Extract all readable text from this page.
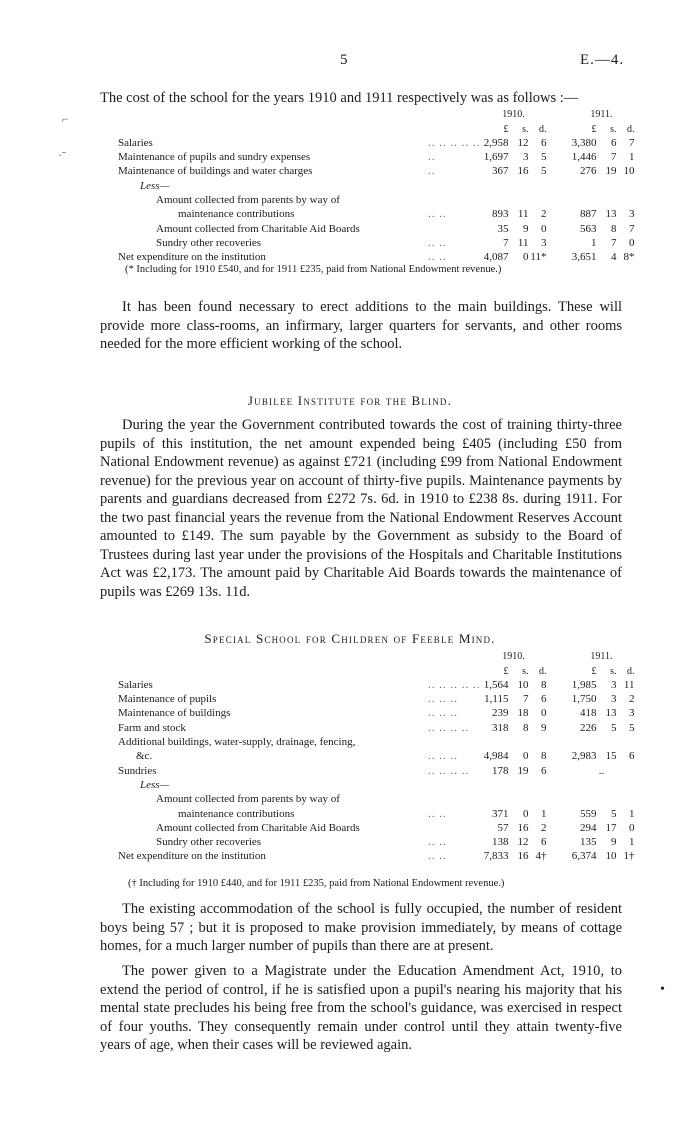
5	E.—4.
⌐
·ˉ
•
The cost of the school for the years 1910 and 1911 respectively was as follows :—
		1910.				1911.		
		£	s.	d.		£	s.	d.
Salaries	.. .. .. .. ..	2,958	12	6		3,380	6	7
Maintenance of pupils and sundry expenses	..	1,697	3	5		1,446	7	1
Maintenance of buildings and water charges	..	367	16	5		276	19	10
Less—								
Amount collected from parents by way of								
maintenance contributions	.. ..	893	11	2		887	13	3
Amount collected from Charitable Aid Boards		35	9	0		563	8	7
Sundry other recoveries	.. ..	7	11	3		1	7	0
Net expenditure on the institution	.. ..	4,087	0	11*		3,651	4	8*
(* Including for 1910 £540, and for 1911 £235, paid from National Endowment revenue.)

It has been found necessary to erect additions to the main buildings. These will provide more class-rooms, an infirmary, larger quarters for servants, and other rooms needed for the more efficient working of the school.

Jubilee Institute for the Blind.

During the year the Government contributed towards the cost of training thirty-three pupils of this institution, the net amount expended being £405 (including £50 from National Endowment revenue) as against £721 (including £99 from National Endowment revenue) for the previous year on account of thirty-five pupils. Maintenance payments by parents and guardians decreased from £272 7s. 6d. in 1910 to £238 8s. during 1911. For the two past financial years the revenue from the National Endowment Reserves Account amounted to £149. The sum payable by the Government as subsidy to the Board of Trustees during last year under the provisions of the Hospitals and Charitable Institutions Act was £2,173. The amount paid by Charitable Aid Boards towards the maintenance of pupils was £269 13s. 11d.

Special School for Children of Feeble Mind.
		1910.				1911.		
		£	s.	d.		£	s.	d.
Salaries	.. .. .. .. ..	1,564	10	8		1,985	3	11
Maintenance of pupils	.. .. ..	1,115	7	6		1,750	3	2
Maintenance of buildings	.. .. ..	239	18	0		418	13	3
Farm and stock	.. .. .. ..	318	8	9		226	5	5
Additional buildings, water-supply, drainage, fencing,								
&c.	.. .. ..	4,984	0	8		2,983	15	6
Sundries	.. .. .. ..	178	19	6		..		
Less—								
Amount collected from parents by way of								
maintenance contributions	.. ..	371	0	1		559	5	1
Amount collected from Charitable Aid Boards		57	16	2		294	17	0
Sundry other recoveries	.. ..	138	12	6		135	9	1
Net expenditure on the institution	.. ..	7,833	16	4†		6,374	10	1†
(† Including for 1910 £440, and for 1911 £235, paid from National Endowment revenue.)

The existing accommodation of the school is fully occupied, the number of resident boys being 57 ; but it is proposed to make provision immediately, by means of cottage homes, for a much larger number of pupils than there are at present.

The power given to a Magistrate under the Education Amendment Act, 1910, to extend the period of control, if he is satisfied upon a pupil's nearing his majority that his mental state precludes his being free from the school's guidance, was exercised in respect of four youths. They consequently remain under control until they attain twenty-five years of age, when their cases will be reviewed again.
